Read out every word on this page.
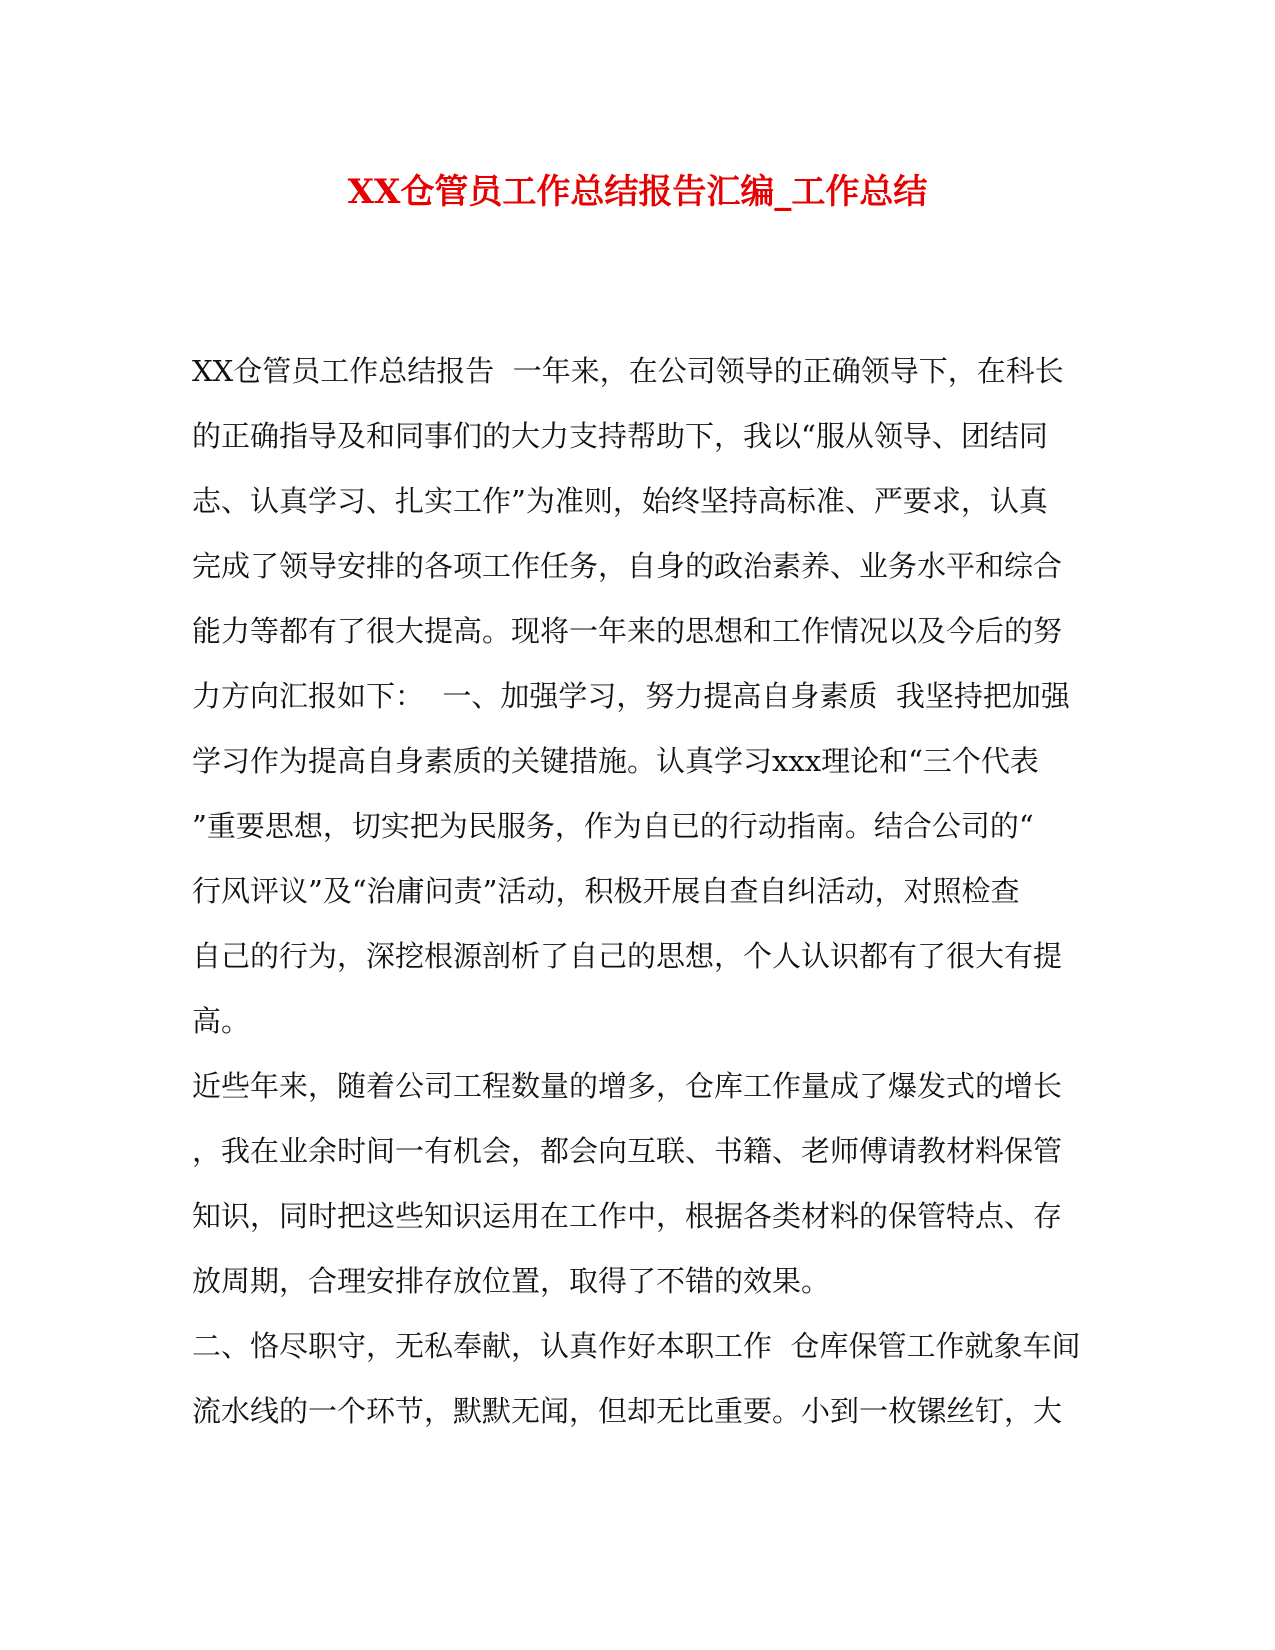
XX仓管员工作总结报告汇编_工作总结
XX仓管员工作总结报告  一年来，在公司领导的正确领导下，在科长
的正确指导及和同事们的大力支持帮助下，我以“服从领导、团结同
志、认真学习、扎实工作”为准则，始终坚持高标准、严要求，认真
完成了领导安排的各项工作任务，自身的政治素养、业务水平和综合
能力等都有了很大提高。现将一年来的思想和工作情况以及今后的努
力方向汇报如下：  一、加强学习，努力提高自身素质  我坚持把加强
学习作为提高自身素质的关键措施。认真学习xxx理论和“三个代表
”重要思想，切实把为民服务，作为自已的行动指南。结合公司的“
行风评议”及“治庸问责”活动，积极开展自查自纠活动，对照检查
自己的行为，深挖根源剖析了自己的思想，个人认识都有了很大有提
高。
近些年来，随着公司工程数量的增多，仓库工作量成了爆发式的增长
，我在业余时间一有机会，都会向互联、书籍、老师傅请教材料保管
知识，同时把这些知识运用在工作中，根据各类材料的保管特点、存
放周期，合理安排存放位置，取得了不错的效果。
二、恪尽职守，无私奉献，认真作好本职工作  仓库保管工作就象车间
流水线的一个环节，默默无闻，但却无比重要。小到一枚镙丝钉，大
